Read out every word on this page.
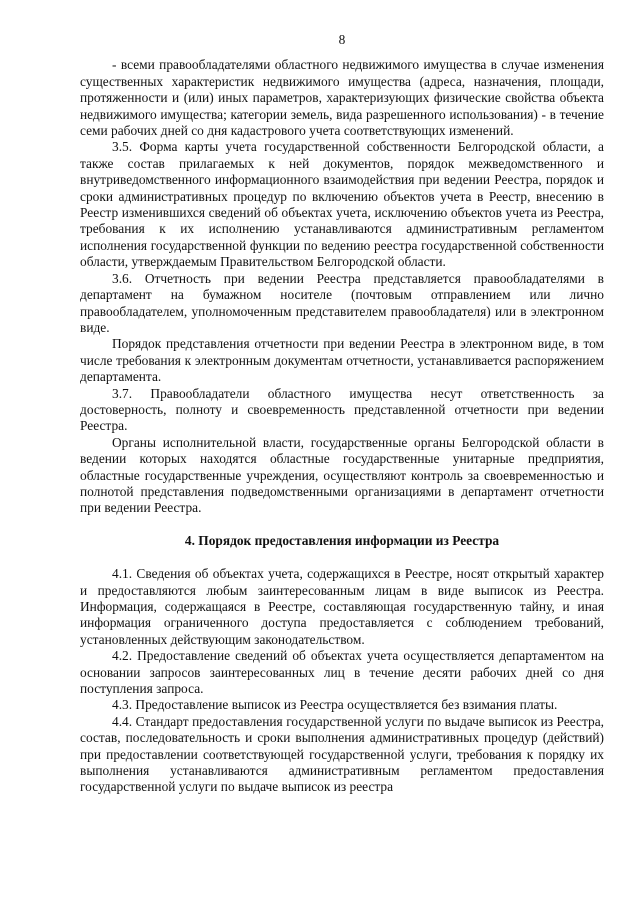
8

- всеми правообладателями областного недвижимого имущества в случае изменения существенных характеристик недвижимого имущества (адреса, назначения, площади, протяженности и (или) иных параметров, характеризующих физические свойства объекта недвижимого имущества; категории земель, вида разрешенного использования) - в течение семи рабочих дней со дня кадастрового учета соответствующих изменений.

3.5. Форма карты учета государственной собственности Белгородской области, а также состав прилагаемых к ней документов, порядок межведомственного и внутриведомственного информационного взаимодействия при ведении Реестра, порядок и сроки административных процедур по включению объектов учета в Реестр, внесению в Реестр изменившихся сведений об объектах учета, исключению объектов учета из Реестра, требования к их исполнению устанавливаются административным регламентом исполнения государственной функции по ведению реестра государственной собственности области, утверждаемым Правительством Белгородской области.

3.6. Отчетность при ведении Реестра представляется правообладателями в департамент на бумажном носителе (почтовым отправлением или лично правообладателем, уполномоченным представителем правообладателя) или в электронном виде.

Порядок представления отчетности при ведении Реестра в электронном виде, в том числе требования к электронным документам отчетности, устанавливается распоряжением департамента.

3.7. Правообладатели областного имущества несут ответственность за достоверность, полноту и своевременность представленной отчетности при ведении Реестра.

Органы исполнительной власти, государственные органы Белгородской области в ведении которых находятся областные государственные унитарные предприятия, областные государственные учреждения, осуществляют контроль за своевременностью и полнотой представления подведомственными организациями в департамент отчетности при ведении Реестра.

4. Порядок предоставления информации из Реестра

4.1. Сведения об объектах учета, содержащихся в Реестре, носят открытый характер и предоставляются любым заинтересованным лицам в виде выписок из Реестра. Информация, содержащаяся в Реестре, составляющая государственную тайну, и иная информация ограниченного доступа предоставляется с соблюдением требований, установленных действующим законодательством.

4.2. Предоставление сведений об объектах учета осуществляется департаментом на основании запросов заинтересованных лиц в течение десяти рабочих дней со дня поступления запроса.

4.3. Предоставление выписок из Реестра осуществляется без взимания платы.

4.4. Стандарт предоставления государственной услуги по выдаче выписок из Реестра, состав, последовательность и сроки выполнения административных процедур (действий) при предоставлении соответствующей государственной услуги, требования к порядку их выполнения устанавливаются административным регламентом предоставления государственной услуги по выдаче выписок из реестра
